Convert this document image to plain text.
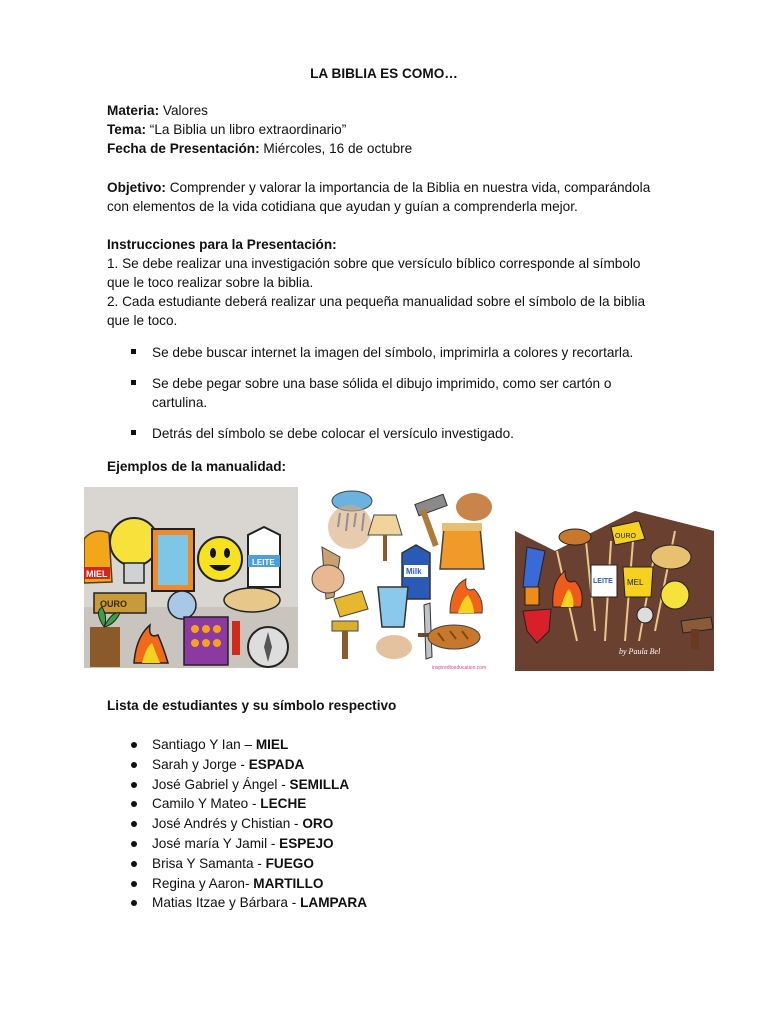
LA BIBLIA ES COMO…
Materia: Valores
Tema: “La Biblia un libro extraordinario”
Fecha de Presentación: Miércoles, 16 de octubre
Objetivo: Comprender y valorar la importancia de la Biblia en nuestra vida, comparándola
con elementos de la vida cotidiana que ayudan y guían a comprenderla mejor.
Instrucciones para la Presentación:
1. Se debe realizar una investigación sobre que versículo bíblico corresponde al símbolo
que le toco realizar sobre la biblia.
2. Cada estudiante deberá realizar una pequeña manualidad sobre el símbolo de la biblia
que le toco.
Se debe buscar internet la imagen del símbolo, imprimirla a colores y recortarla.
Se debe pegar sobre una base sólida el dibujo imprimido, como ser cartón o cartulina.
Detrás del símbolo se debe colocar el versículo investigado.
Ejemplos de la manualidad:
MIEL
LEITE
OURO
Milk
inspiredtoeducation.com
OURO
LEITE MEL
by Paula Bel
Lista de estudiantes y su símbolo respectivo
Santiago Y Ian – MIEL
Sarah y Jorge - ESPADA
José Gabriel y Ángel - SEMILLA
Camilo Y Mateo - LECHE
José Andrés y Chistian - ORO
José maría Y Jamil - ESPEJO
Brisa Y Samanta - FUEGO
Regina y Aaron- MARTILLO
Matias Itzae y Bárbara - LAMPARA
